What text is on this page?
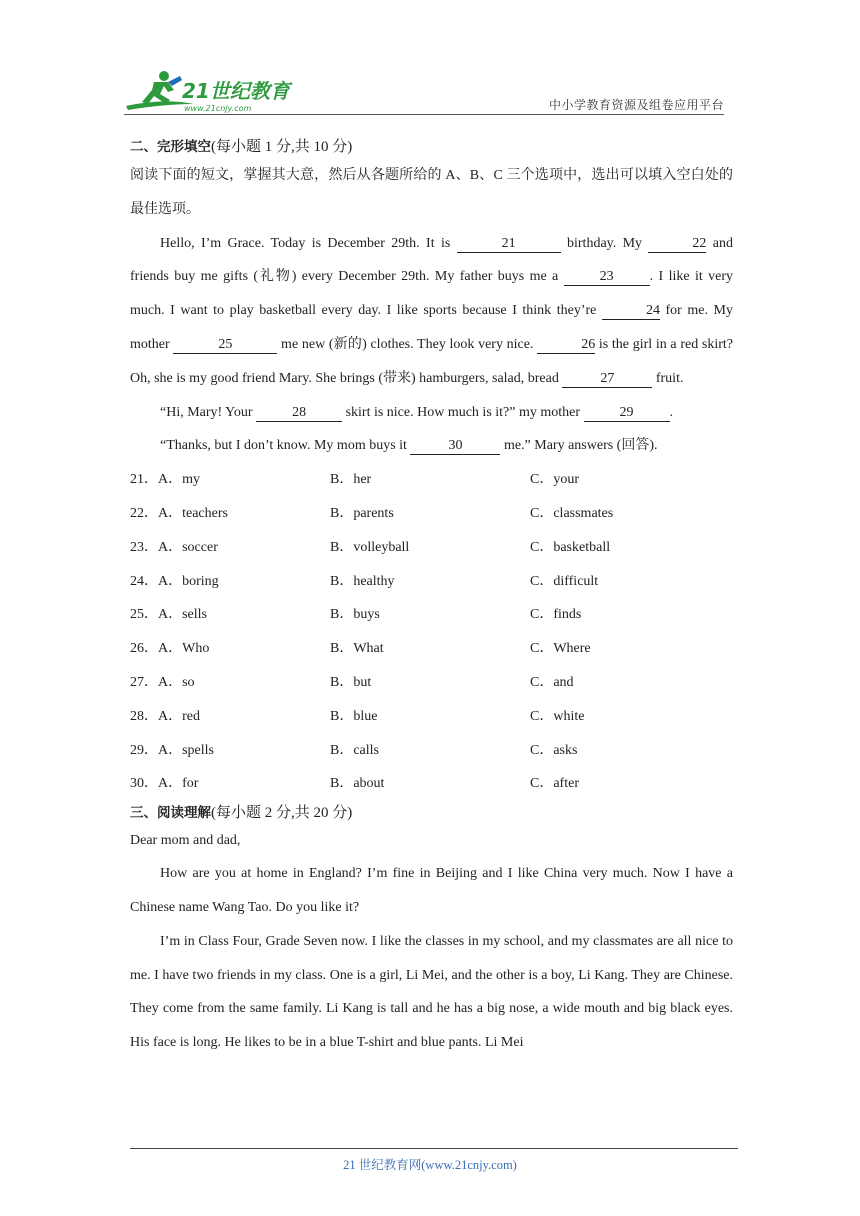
21世纪教育
www.21cnjy.com	中小学教育资源及组卷应用平台
二、完形填空(每小题 1 分,共 10 分)
阅读下面的短文，掌握其大意，然后从各题所给的 A、B、C 三个选项中，选出可以填入空白处的最佳选项。
Hello, I’m Grace. Today is December 29th. It is	21	birthday. My	22 and friends buy me gifts (礼物) every December 29th. My father buys me a	23	. I like it very much. I want to play basketball every day. I like sports because I think they’re	24 for me. My mother	25	me new (新的) clothes. They look very nice.	26 is the girl in a red skirt? Oh, she is my good friend Mary. She brings (带来) hamburgers, salad, bread	27	fruit.
“Hi, Mary! Your	28	skirt is nice. How much is it?” my mother	29	.
“Thanks, but I don’t know. My mom buys it	30	me.” Mary answers (回答).
21．A．my	B．her	C．your
22．A．teachers	B．parents	C．classmates
23．A．soccer	B．volleyball	C．basketball
24．A．boring	B．healthy	C．difficult
25．A．sells	B．buys	C．finds
26．A．Who	B．What	C．Where
27．A．so	B．but	C．and
28．A．red	B．blue	C．white
29．A．spells	B．calls	C．asks
30．A．for	B．about	C．after
三、阅读理解(每小题 2 分,共 20 分)
Dear mom and dad,
How are you at home in England? I’m fine in Beijing and I like China very much. Now I have a Chinese name Wang Tao. Do you like it?
I’m in Class Four, Grade Seven now. I like the classes in my school, and my classmates are all nice to me. I have two friends in my class. One is a girl, Li Mei, and the other is a boy, Li Kang. They are Chinese. They come from the same family. Li Kang is tall and he has a big nose, a wide mouth and big black eyes. His face is long. He likes to be in a blue T-shirt and blue pants. Li Mei
21 世纪教育网(www.21cnjy.com)
